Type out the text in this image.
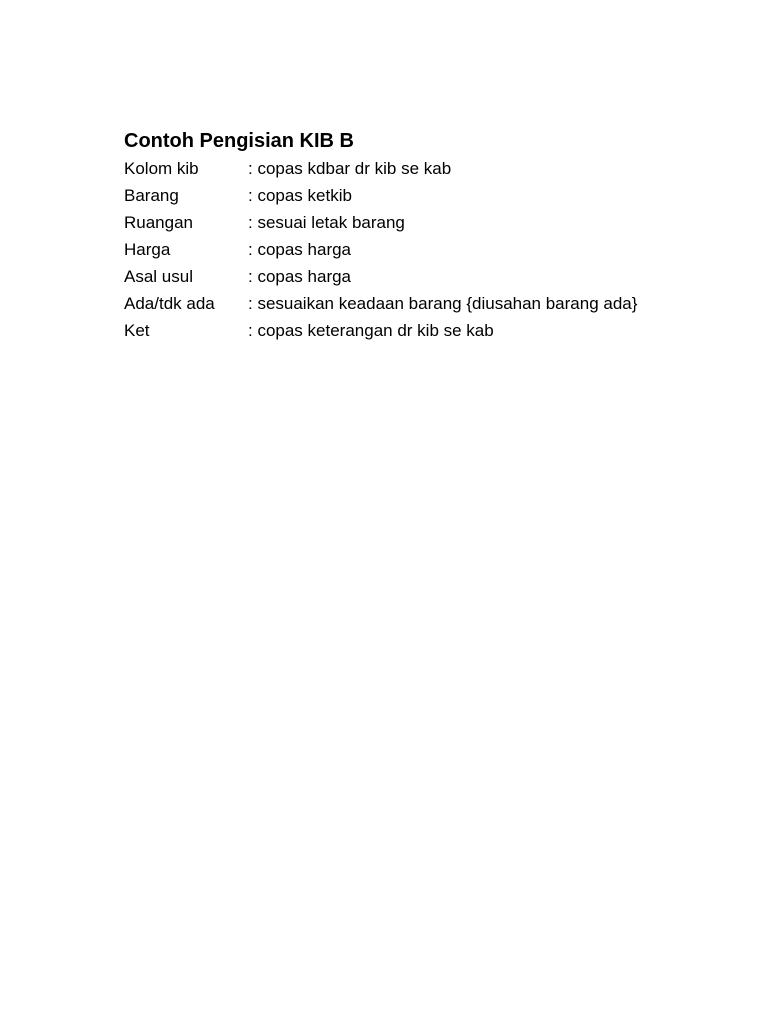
Contoh Pengisian KIB B
Kolom kib	: copas kdbar dr kib se kab
Barang	: copas ketkib
Ruangan	: sesuai letak barang
Harga	: copas harga
Asal usul	: copas harga
Ada/tdk ada	: sesuaikan keadaan barang {diusahan barang ada}
Ket	: copas keterangan dr kib se kab
